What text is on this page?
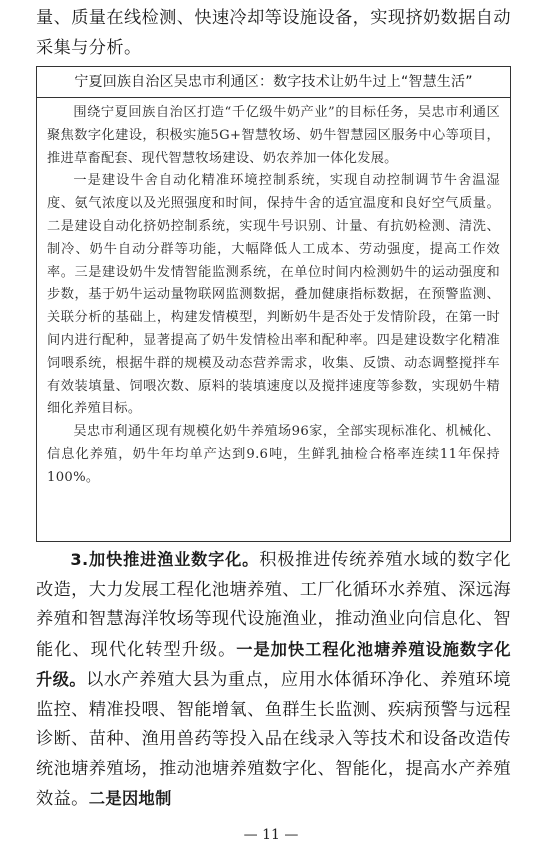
量、质量在线检测、快速冷却等设施设备，实现挤奶数据自动采集与分析。

宁夏回族自治区吴忠市利通区：数字技术让奶牛过上“智慧生活”

围绕宁夏回族自治区打造“千亿级牛奶产业”的目标任务，吴忠市利通区聚焦数字化建设，积极实施5G+智慧牧场、奶牛智慧园区服务中心等项目，推进草畜配套、现代智慧牧场建设、奶农养加一体化发展。

一是建设牛舍自动化精准环境控制系统，实现自动控制调节牛舍温湿度、氨气浓度以及光照强度和时间，保持牛舍的适宜温度和良好空气质量。二是建设自动化挤奶控制系统，实现牛号识别、计量、有抗奶检测、清洗、制冷、奶牛自动分群等功能，大幅降低人工成本、劳动强度，提高工作效率。三是建设奶牛发情智能监测系统，在单位时间内检测奶牛的运动强度和步数，基于奶牛运动量物联网监测数据，叠加健康指标数据，在预警监测、关联分析的基础上，构建发情模型，判断奶牛是否处于发情阶段，在第一时间内进行配种，显著提高了奶牛发情检出率和配种率。四是建设数字化精准饲喂系统，根据牛群的规模及动态营养需求，收集、反馈、动态调整搅拌车有效装填量、饲喂次数、原料的装填速度以及搅拌速度等参数，实现奶牛精细化养殖目标。

吴忠市利通区现有规模化奶牛养殖场96家，全部实现标准化、机械化、信息化养殖，奶牛年均单产达到9.6吨，生鲜乳抽检合格率连续11年保持100%。

3.加快推进渔业数字化。积极推进传统养殖水域的数字化改造，大力发展工程化池塘养殖、工厂化循环水养殖、深远海养殖和智慧海洋牧场等现代设施渔业，推动渔业向信息化、智能化、现代化转型升级。一是加快工程化池塘养殖设施数字化升级。以水产养殖大县为重点，应用水体循环净化、养殖环境监控、精准投喂、智能增氧、鱼群生长监测、疾病预警与远程诊断、苗种、渔用兽药等投入品在线录入等技术和设备改造传统池塘养殖场，推动池塘养殖数字化、智能化，提高水产养殖效益。二是因地制

— 11 —
